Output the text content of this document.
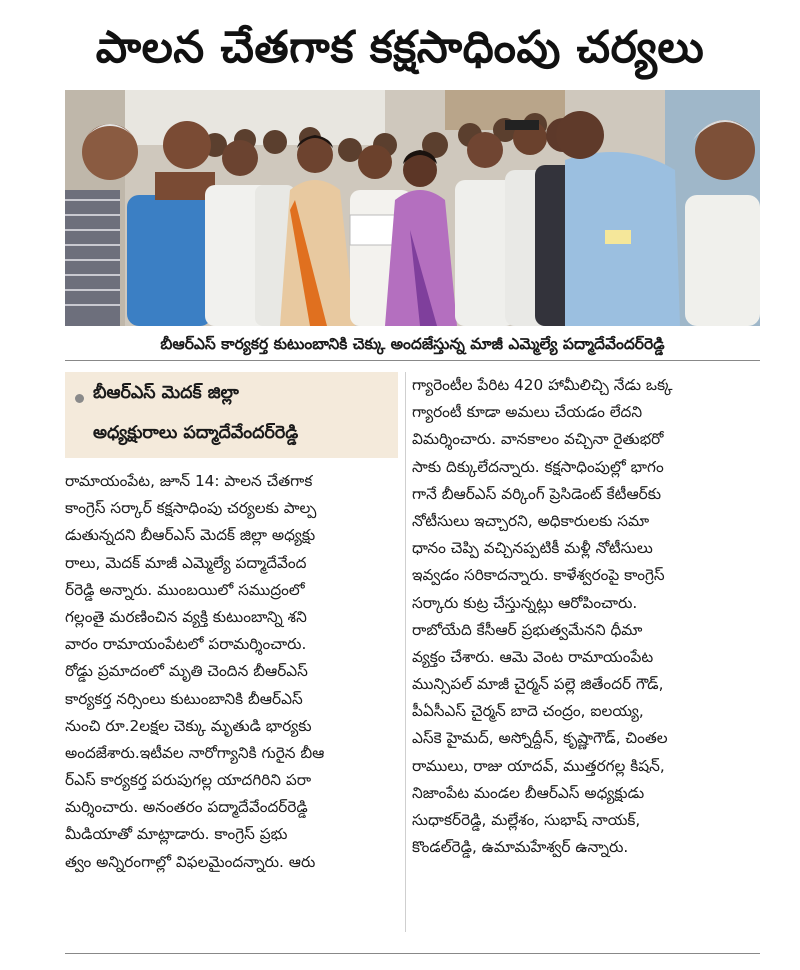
పాలన చేతగాక కక్షసాధింపు చర్యలు
బీఆర్ఎస్ కార్యకర్త కుటుంబానికి చెక్కు అందజేస్తున్న మాజీ ఎమ్మెల్యే పద్మాదేవేందర్‌రెడ్డి
బీఆర్ఎస్ మెదక్ జిల్లా
అధ్యక్షురాలు పద్మాదేవేందర్‌రెడ్డి
రామాయంపేట, జూన్ 14: పాలన చేతగాక
కాంగ్రెస్ సర్కార్ కక్షసాధింపు చర్యలకు పాల్ప
డుతున్నదని బీఆర్ఎస్ మెదక్ జిల్లా అధ్యక్షు
రాలు, మెదక్ మాజీ ఎమ్మెల్యే పద్మాదేవేంద
ర్‌రెడ్డి అన్నారు. ముంబయిలో సముద్రంలో
గల్లంతై మరణించిన వ్యక్తి కుటుంబాన్ని శని
వారం రామాయంపేటలో పరామర్శించారు.
రోడ్డు ప్రమాదంలో మృతి చెందిన బీఆర్ఎస్
కార్యకర్త నర్సింలు కుటుంబానికి బీఆర్ఎస్
నుంచి రూ.2లక్షల చెక్కు మృతుడి భార్యకు
అందజేశారు.ఇటీవల నారోగ్యానికి గురైన బీఆ
ర్ఎస్ కార్యకర్త పరుపుగల్ల యాదగిరిని పరా
మర్శించారు. అనంతరం పద్మాదేవేందర్‌రెడ్డి
మీడియాతో మాట్లాడారు. కాంగ్రెస్ ప్రభు
త్వం అన్నిరంగాల్లో విఫలమైందన్నారు. ఆరు
గ్యారెంటీల పేరిట 420 హామీలిచ్చి నేడు ఒక్క
గ్యారంటీ కూడా అమలు చేయడం లేదని
విమర్శించారు. వానకాలం వచ్చినా రైతుభరో
సాకు దిక్కులేదన్నారు. కక్షసాధింపుల్లో భాగం
గానే బీఆర్ఎస్ వర్కింగ్ ప్రెసిడెంట్ కేటీఆర్‌కు
నోటీసులు ఇచ్చారని, అధికారులకు సమా
ధానం చెప్పి వచ్చినప్పటికీ మళ్లీ నోటీసులు
ఇవ్వడం సరికాదన్నారు. కాళేశ్వరంపై కాంగ్రెస్
సర్కారు కుట్ర చేస్తున్నట్లు ఆరోపించారు.
రాబోయేది కేసీఆర్ ప్రభుత్వమేనని ధీమా
వ్యక్తం చేశారు. ఆమె వెంట రామాయంపేట
మున్సిపల్ మాజీ చైర్మన్ పల్లె జితేందర్ గౌడ్,
పీఏసీఎస్ చైర్మన్ బాదె చంద్రం, ఐలయ్య,
ఎస్‌కె హైమద్, అస్నోద్దీన్, కృష్ణాగౌడ్, చింతల
రాములు, రాజు యాదవ్, ముత్తరగల్ల కిషన్,
నిజాంపేట మండల బీఆర్ఎస్ అధ్యక్షుడు
సుధాకర్‌రెడ్డి, మల్లేశం, సుభాష్ నాయక్,
కొండల్‌రెడ్డి, ఉమామహేశ్వర్ ఉన్నారు.
